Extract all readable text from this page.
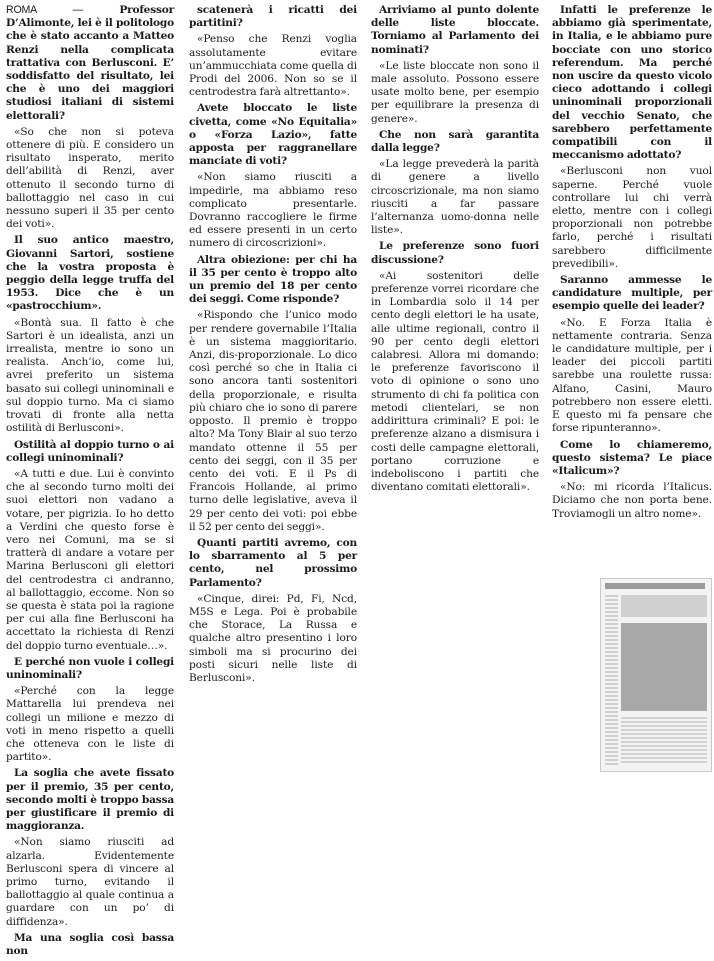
ROMA — Professor D’Alimonte, lei è il politologo che è stato accanto a Matteo Renzi nella complicata trattativa con Berlusconi. E’ soddisfatto del risultato, lei che è uno dei maggiori studiosi italiani di sistemi elettorali?

«So che non si poteva ottenere di più. E considero un risultato insperato, merito dell’abilità di Renzi, aver ottenuto il secondo turno di ballottaggio nel caso in cui nessuno superi il 35 per cento dei voti».

Il suo antico maestro, Giovanni Sartori, sostiene che la vostra proposta è peggio della legge truffa del 1953. Dice che è un «pastrocchium».

«Bontà sua. Il fatto è che Sartori è un idealista, anzi un irrealista, mentre io sono un realista. Anch’io, come lui, avrei preferito un sistema basato sui collegi uninominali e sul doppio turno. Ma ci siamo trovati di fronte alla netta ostilità di Berlusconi».

Ostilità al doppio turno o ai collegi uninominali?

«A tutti e due. Lui è convinto che al secondo turno molti dei suoi elettori non vadano a votare, per pigrizia. Io ho detto a Verdini che questo forse è vero nei Comuni, ma se si tratterà di andare a votare per Marina Berlusconi gli elettori del centrodestra ci andranno, al ballottaggio, eccome. Non so se questa è stata poi la ragione per cui alla fine Berlusconi ha accettato la richiesta di Renzi del doppio turno eventuale…».

E perché non vuole i collegi uninominali?

«Perché con la legge Mattarella lui prendeva nei collegi un milione e mezzo di voti in meno rispetto a quelli che otteneva con le liste di partito».

La soglia che avete fissato per il premio, 35 per cento, secondo molti è troppo bassa per giustificare il premio di maggioranza.

«Non siamo riusciti ad alzarla. Evidentemente Berlusconi spera di vincere al primo turno, evitando il ballottaggio al quale continua a guardare con un po’ di diffidenza».

Ma una soglia così bassa non

scatenerà i ricatti dei partitini?

«Penso che Renzi voglia assolutamente evitare un’ammucchiata come quella di Prodi del 2006. Non so se il centrodestra farà altrettanto».

Avete bloccato le liste civetta, come «No Equitalia» o «Forza Lazio», fatte apposta per raggranellare manciate di voti?

«Non siamo riusciti a impedirle, ma abbiamo reso complicato presentarle. Dovranno raccogliere le firme ed essere presenti in un certo numero di circoscrizioni».

Altra obiezione: per chi ha il 35 per cento è troppo alto un premio del 18 per cento dei seggi. Come risponde?

«Rispondo che l’unico modo per rendere governabile l’Italia è un sistema maggioritario. Anzi, dis-proporzionale. Lo dico così perché so che in Italia ci sono ancora tanti sostenitori della proporzionale, e risulta più chiaro che io sono di parere opposto. Il premio è troppo alto? Ma Tony Blair al suo terzo mandato ottenne il 55 per cento dei seggi, con il 35 per cento dei voti. E il Ps di Francois Hollande, al primo turno delle legislative, aveva il 29 per cento dei voti: poi ebbe il 52 per cento dei seggi».

Quanti partiti avremo, con lo sbarramento al 5 per cento, nel prossimo Parlamento?

«Cinque, direi: Pd, Fi, Ncd, M5S e Lega. Poi è probabile che Storace, La Russa e qualche altro presentino i loro simboli ma si procurino dei posti sicuri nelle liste di Berlusconi».

Arriviamo al punto dolente delle liste bloccate. Torniamo al Parlamento dei nominati?

«Le liste bloccate non sono il male assoluto. Possono essere usate molto bene, per esempio per equilibrare la presenza di genere».

Che non sarà garantita dalla legge?

«La legge prevederà la parità di genere a livello circoscrizionale, ma non siamo riusciti a far passare l’alternanza uomo-donna nelle liste».

Le preferenze sono fuori discussione?

«Ai sostenitori delle preferenze vorrei ricordare che in Lombardia solo il 14 per cento degli elettori le ha usate, alle ultime regionali, contro il 90 per cento degli elettori calabresi. Allora mi domando: le preferenze favoriscono il voto di opinione o sono uno strumento di chi fa politica con metodi clientelari, se non addirittura criminali? E poi: le preferenze alzano a dismisura i costi delle campagne elettorali, portano corruzione e indeboliscono i partiti che diventano comitati elettorali».

Infatti le preferenze le abbiamo già sperimentate, in Italia, e le abbiamo pure bocciate con uno storico referendum. Ma perché non uscire da questo vicolo cieco adottando i collegi uninominali proporzionali del vecchio Senato, che sarebbero perfettamente compatibili con il meccanismo adottato?

«Berlusconi non vuol saperne. Perché vuole controllare lui chi verrà eletto, mentre con i collegi proporzionali non potrebbe farlo, perché i risultati sarebbero difficilmente prevedibili».

Saranno ammesse le candidature multiple, per esempio quelle dei leader?

«No. E Forza Italia è nettamente contraria. Senza le candidature multiple, per i leader dei piccoli partiti sarebbe una roulette russa: Alfano, Casini, Mauro potrebbero non essere eletti. E questo mi fa pensare che forse ripunteranno».

Come lo chiameremo, questo sistema? Le piace «Italicum»?

«No: mi ricorda l’Italicus. Diciamo che non porta bene. Troviamogli un altro nome».
